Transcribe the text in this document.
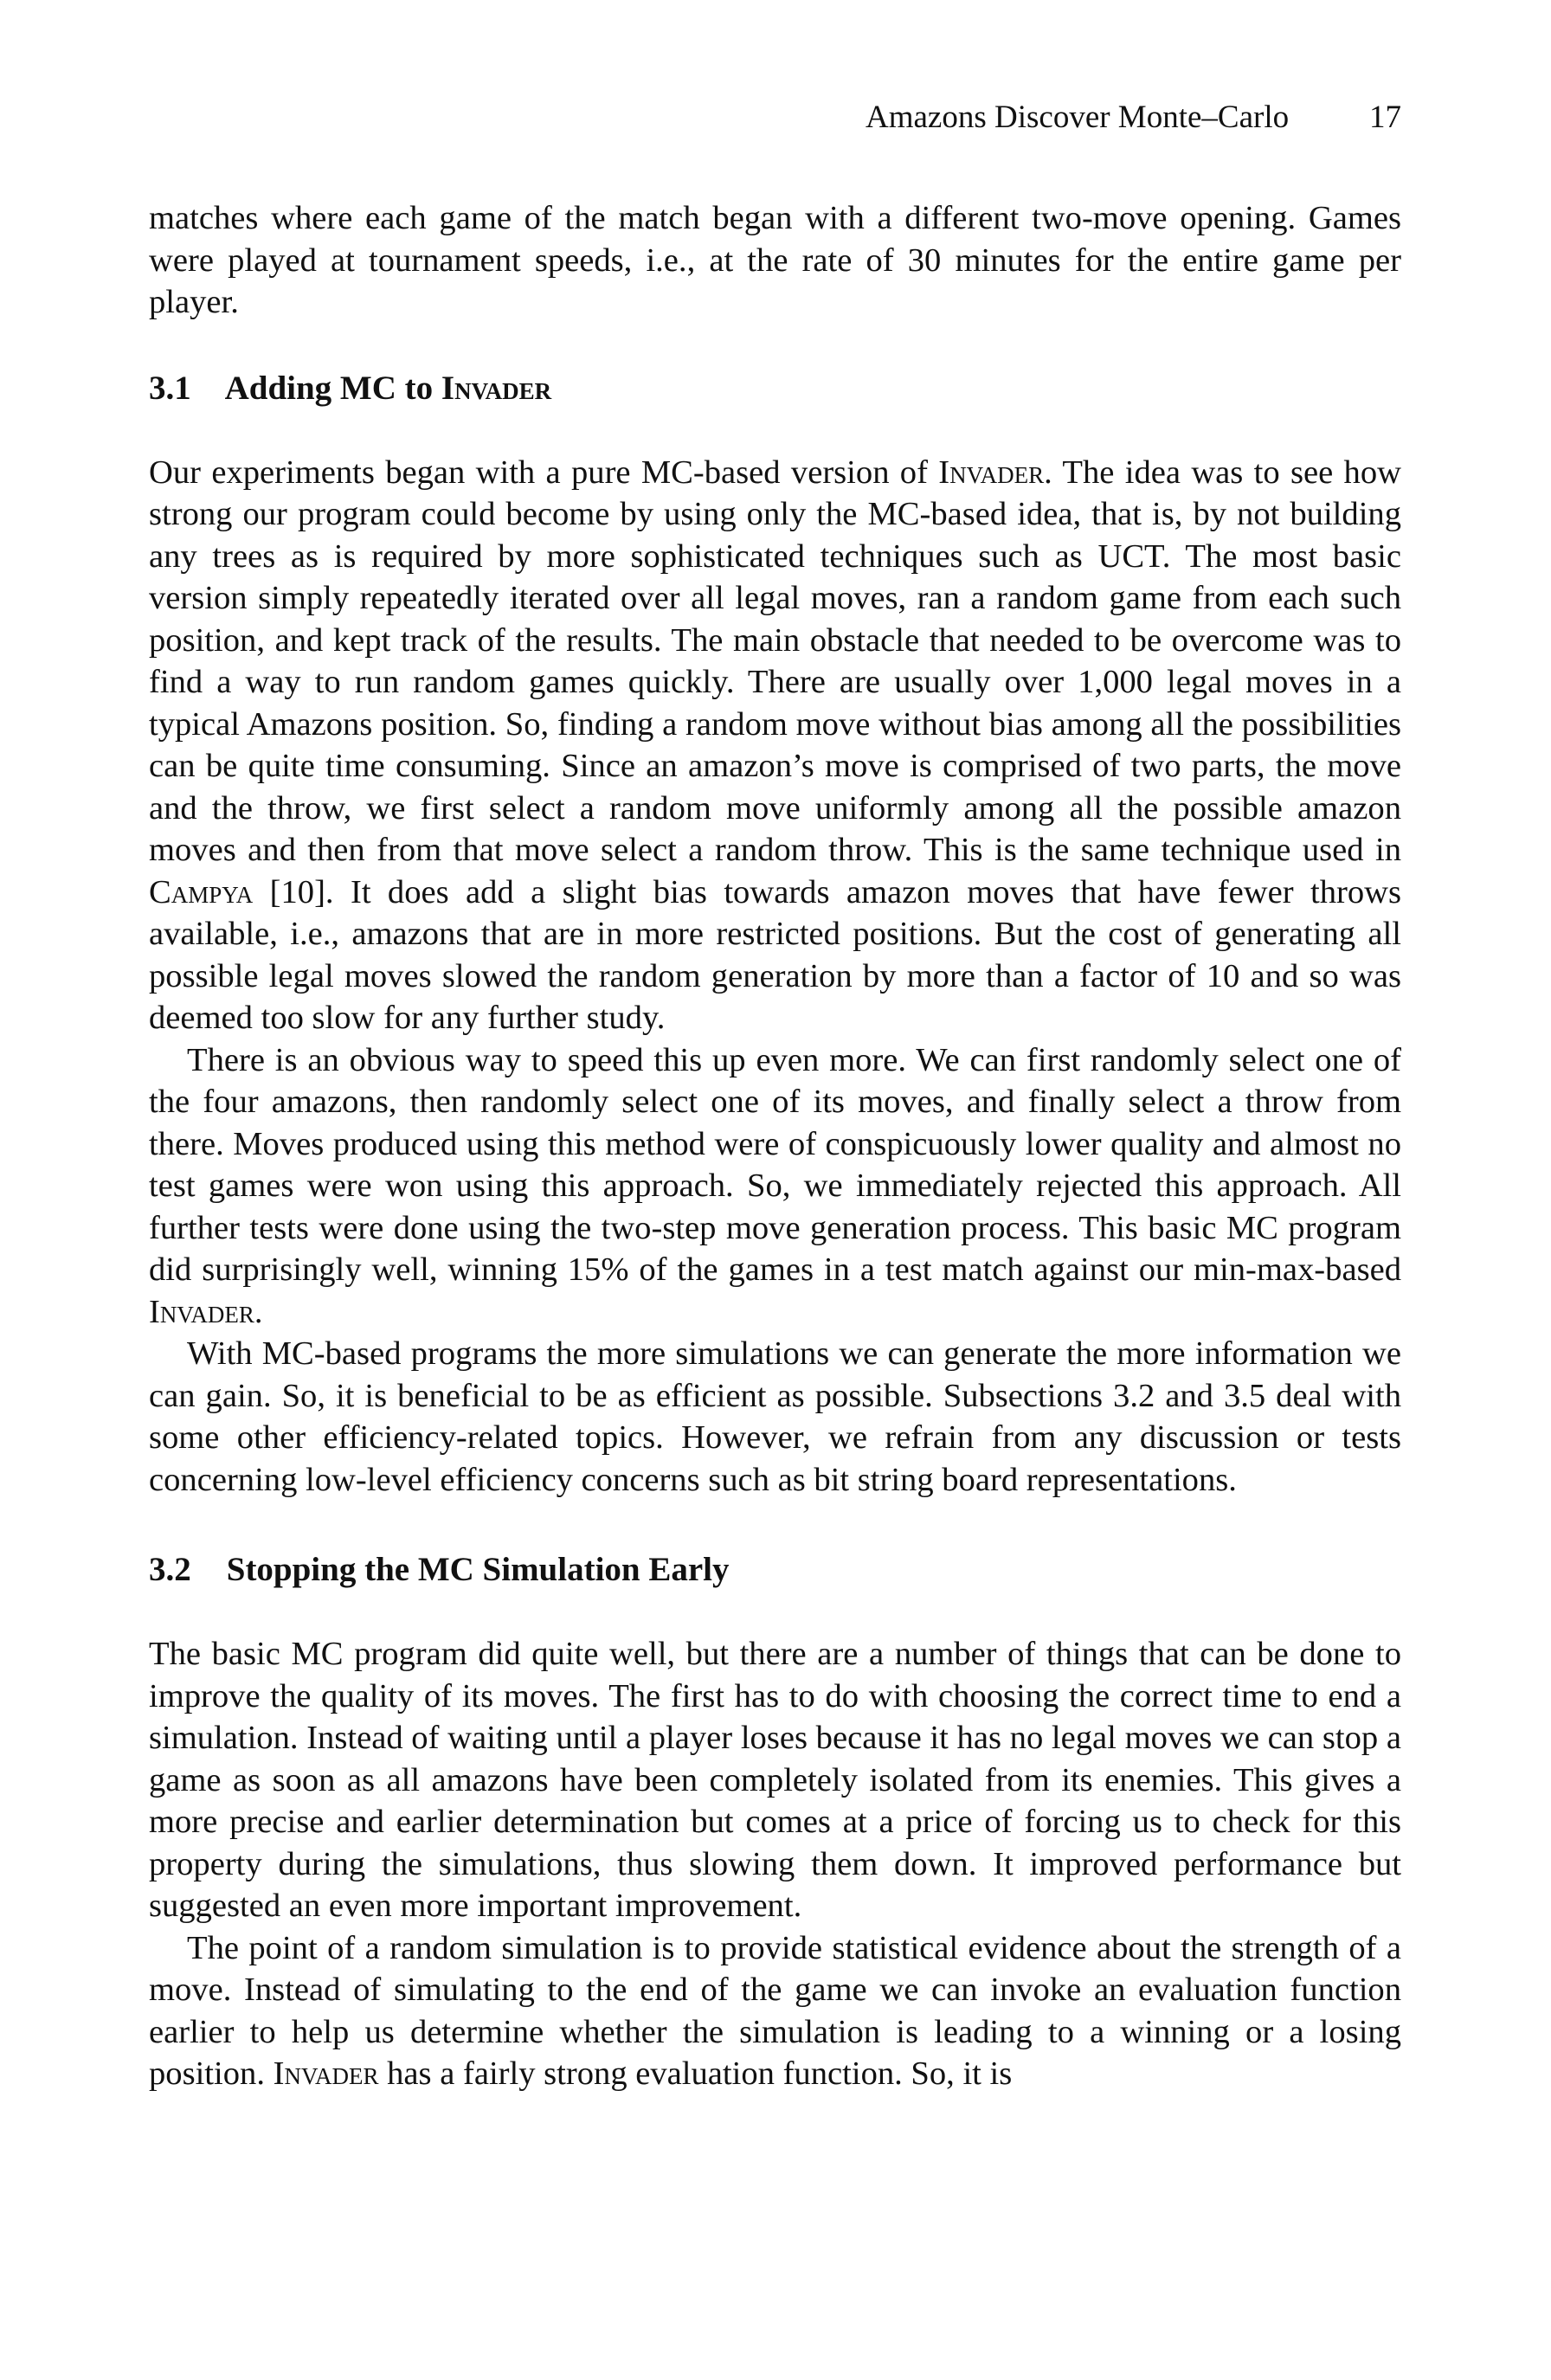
Amazons Discover Monte–Carlo	17

matches where each game of the match began with a different two-move opening. Games were played at tournament speeds, i.e., at the rate of 30 minutes for the entire game per player.

3.1 Adding MC to Invader

Our experiments began with a pure MC-based version of Invader. The idea was to see how strong our program could become by using only the MC-based idea, that is, by not building any trees as is required by more sophisticated techniques such as UCT. The most basic version simply repeatedly iterated over all legal moves, ran a random game from each such position, and kept track of the results. The main obstacle that needed to be overcome was to find a way to run random games quickly. There are usually over 1,000 legal moves in a typical Amazons position. So, finding a random move without bias among all the possibilities can be quite time consuming. Since an amazon’s move is comprised of two parts, the move and the throw, we first select a random move uniformly among all the possible amazon moves and then from that move select a random throw. This is the same technique used in Campya [10]. It does add a slight bias towards amazon moves that have fewer throws available, i.e., amazons that are in more restricted positions. But the cost of generating all possible legal moves slowed the random generation by more than a factor of 10 and so was deemed too slow for any further study.

There is an obvious way to speed this up even more. We can first randomly select one of the four amazons, then randomly select one of its moves, and finally select a throw from there. Moves produced using this method were of conspicuously lower quality and almost no test games were won using this approach. So, we immediately rejected this approach. All further tests were done using the two-step move generation process. This basic MC program did surprisingly well, winning 15% of the games in a test match against our min-max-based Invader.

With MC-based programs the more simulations we can generate the more information we can gain. So, it is beneficial to be as efficient as possible. Subsections 3.2 and 3.5 deal with some other efficiency-related topics. However, we refrain from any discussion or tests concerning low-level efficiency concerns such as bit string board representations.

3.2 Stopping the MC Simulation Early

The basic MC program did quite well, but there are a number of things that can be done to improve the quality of its moves. The first has to do with choosing the correct time to end a simulation. Instead of waiting until a player loses because it has no legal moves we can stop a game as soon as all amazons have been completely isolated from its enemies. This gives a more precise and earlier determination but comes at a price of forcing us to check for this property during the simulations, thus slowing them down. It improved performance but suggested an even more important improvement.

The point of a random simulation is to provide statistical evidence about the strength of a move. Instead of simulating to the end of the game we can invoke an evaluation function earlier to help us determine whether the simulation is leading to a winning or a losing position. Invader has a fairly strong evaluation function. So, it is
